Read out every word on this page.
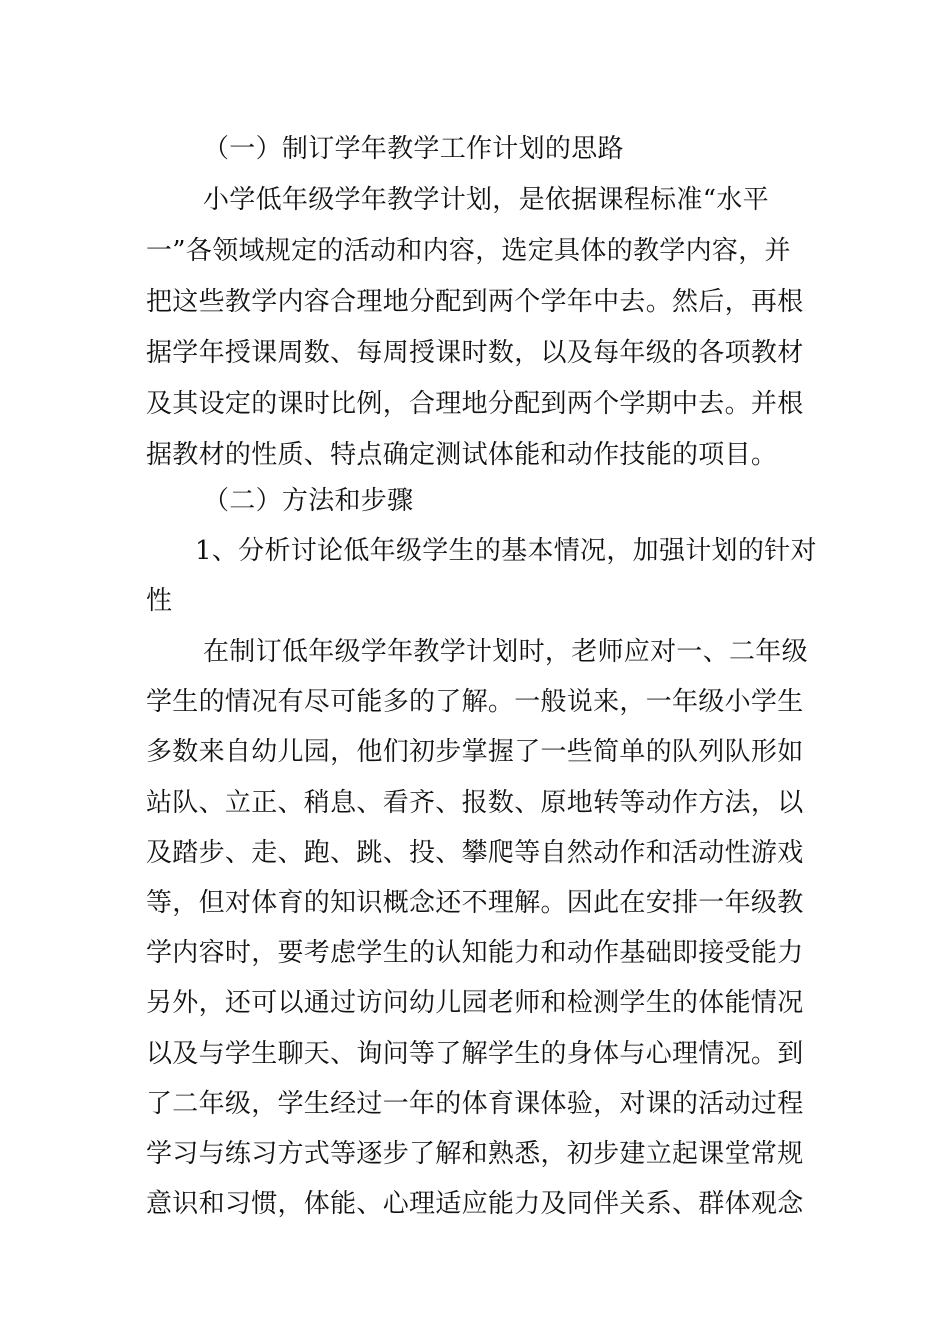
（一）制订学年教学工作计划的思路
小学低年级学年教学计划，是依据课程标准“水平
一”各领域规定的活动和内容，选定具体的教学内容，并
把这些教学内容合理地分配到两个学年中去。然后，再根
据学年授课周数、每周授课时数，以及每年级的各项教材
及其设定的课时比例，合理地分配到两个学期中去。并根
据教材的性质、特点确定测试体能和动作技能的项目。
（二）方法和步骤
1、分析讨论低年级学生的基本情况，加强计划的针对
性
在制订低年级学年教学计划时，老师应对一、二年级
学生的情况有尽可能多的了解。一般说来，一年级小学生
多数来自幼儿园，他们初步掌握了一些简单的队列队形如
站队、立正、稍息、看齐、报数、原地转等动作方法，以
及踏步、走、跑、跳、投、攀爬等自然动作和活动性游戏
等，但对体育的知识概念还不理解。因此在安排一年级教
学内容时，要考虑学生的认知能力和动作基础即接受能力
另外，还可以通过访问幼儿园老师和检测学生的体能情况
以及与学生聊天、询问等了解学生的身体与心理情况。到
了二年级，学生经过一年的体育课体验，对课的活动过程
学习与练习方式等逐步了解和熟悉，初步建立起课堂常规
意识和习惯，体能、心理适应能力及同伴关系、群体观念
